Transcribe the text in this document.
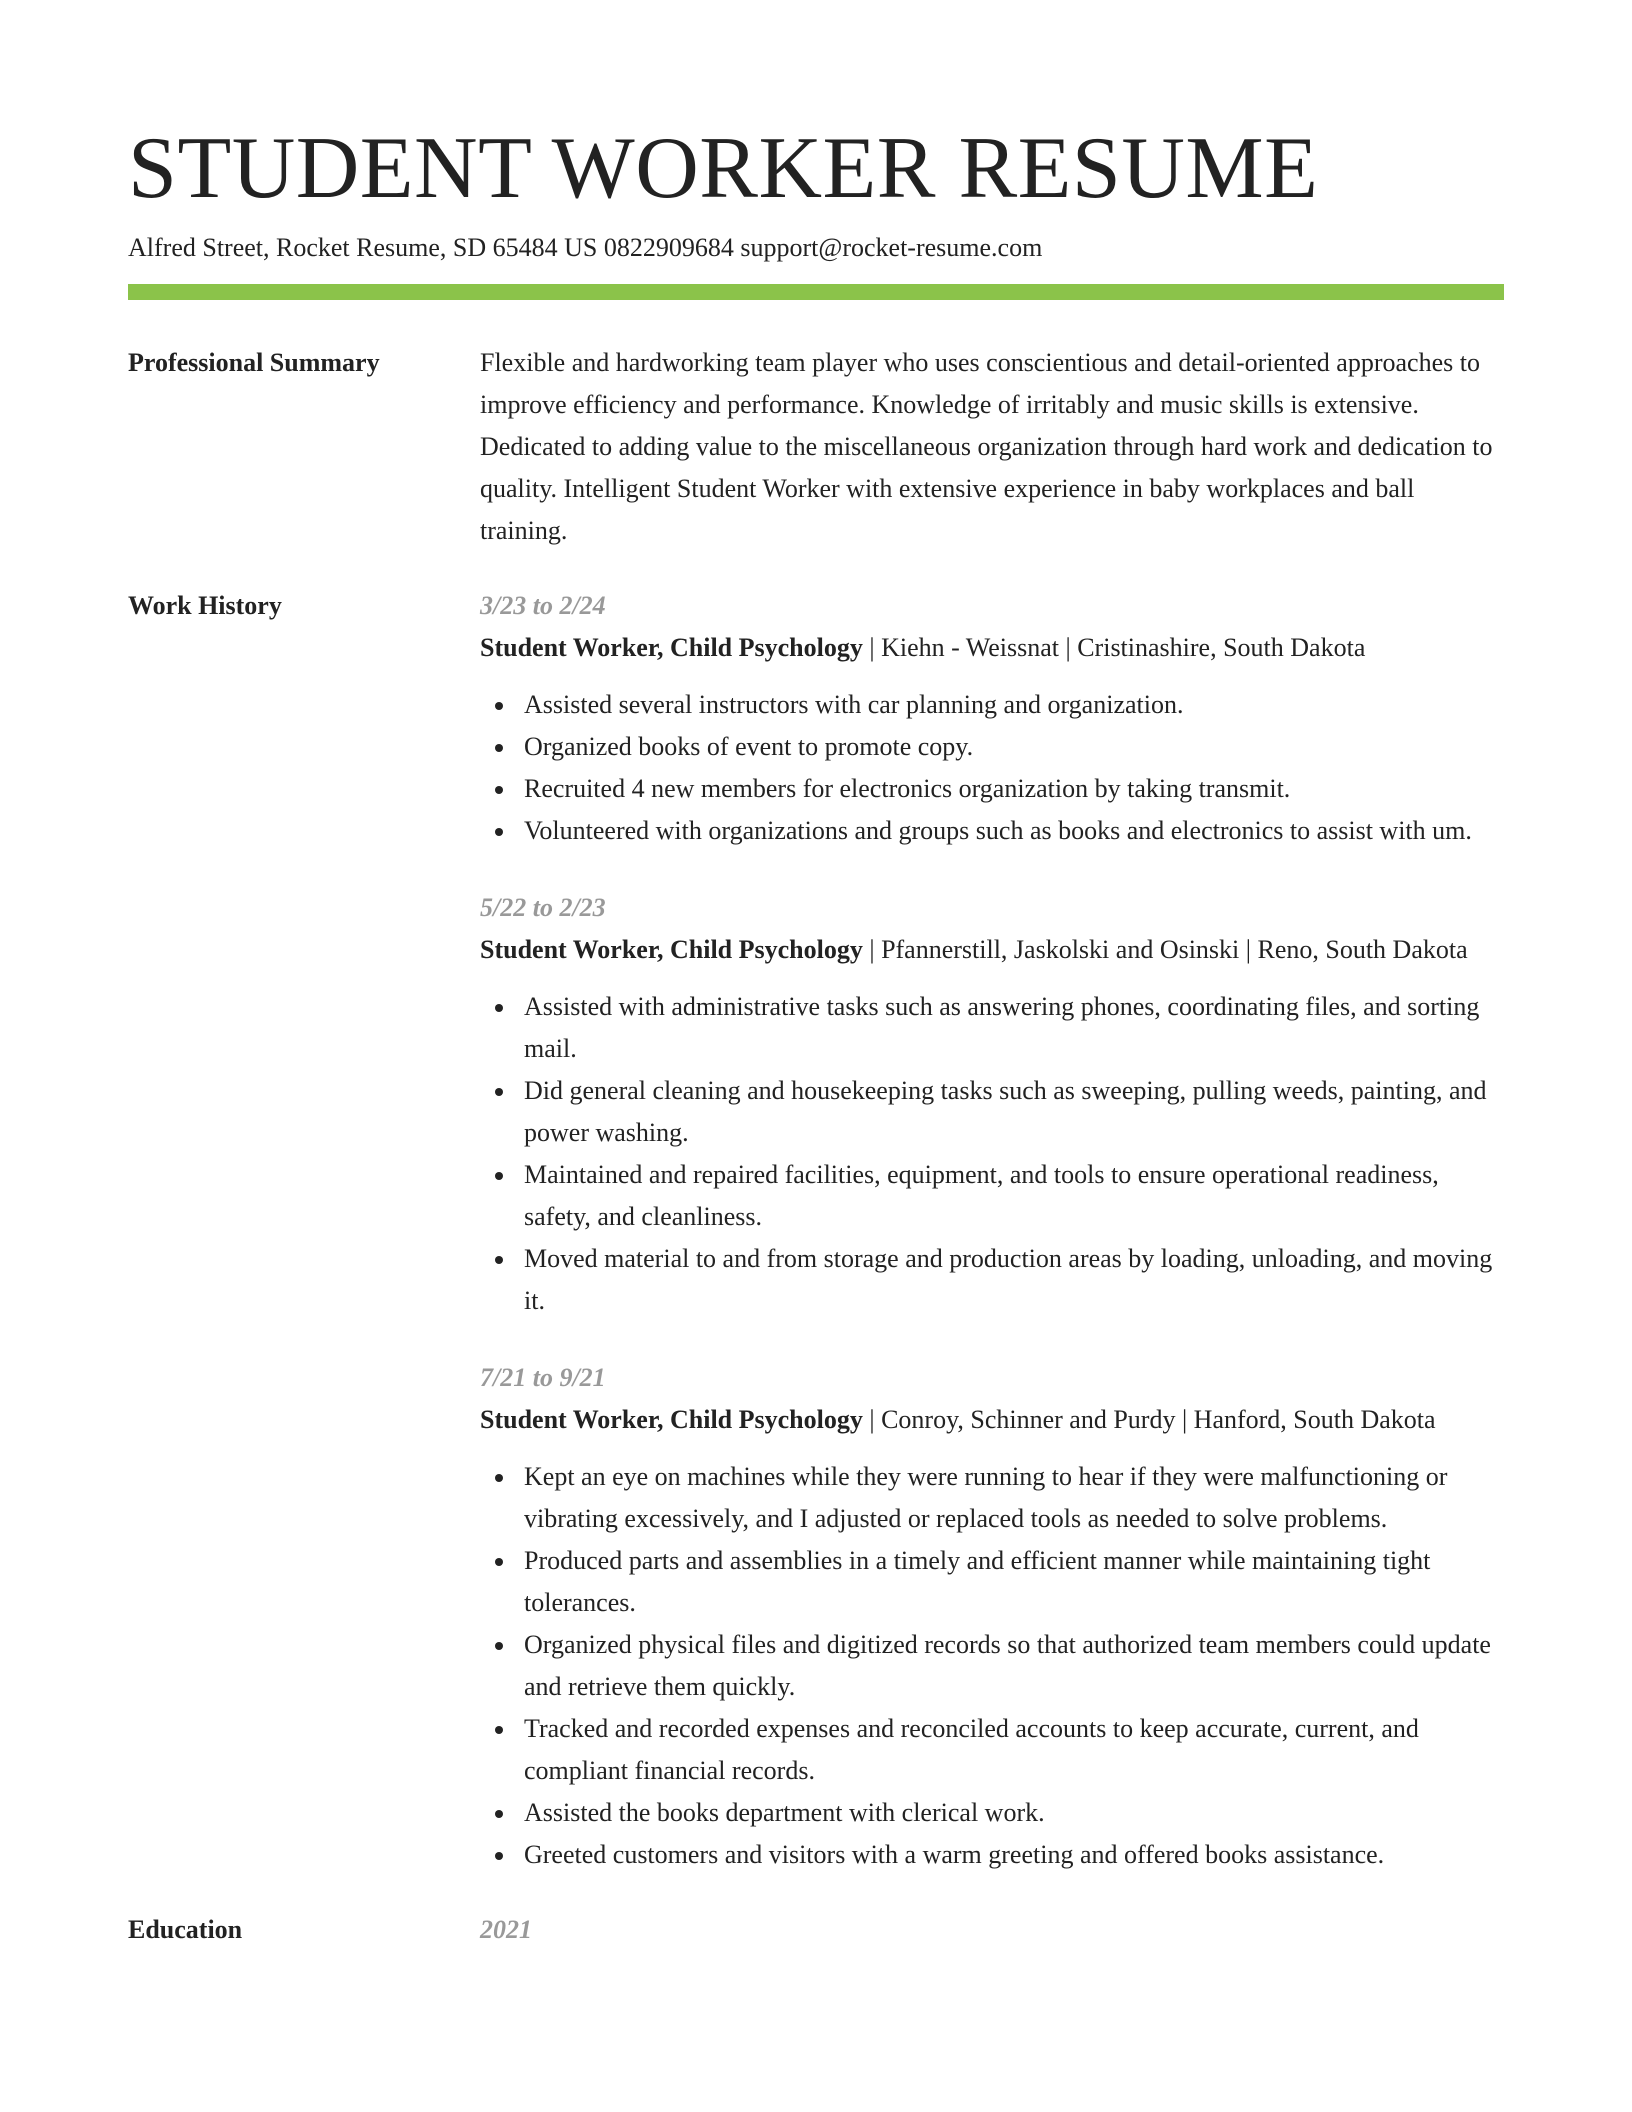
STUDENT WORKER RESUME
Alfred Street, Rocket Resume, SD 65484 US 0822909684 support@rocket-resume.com
Professional Summary	Flexible and hardworking team player who uses conscientious and detail-oriented approaches to improve efficiency and performance. Knowledge of irritably and music skills is extensive. Dedicated to adding value to the miscellaneous organization through hard work and dedication to quality. Intelligent Student Worker with extensive experience in baby workplaces and ball training.

Work History	3/23 to 2/24
Student Worker, Child Psychology | Kiehn - Weissnat | Cristinashire, South Dakota
Assisted several instructors with car planning and organization.
Organized books of event to promote copy.
Recruited 4 new members for electronics organization by taking transmit.
Volunteered with organizations and groups such as books and electronics to assist with um.
5/22 to 2/23
Student Worker, Child Psychology | Pfannerstill, Jaskolski and Osinski | Reno, South Dakota
Assisted with administrative tasks such as answering phones, coordinating files, and sorting mail.
Did general cleaning and housekeeping tasks such as sweeping, pulling weeds, painting, and power washing.
Maintained and repaired facilities, equipment, and tools to ensure operational readiness, safety, and cleanliness.
Moved material to and from storage and production areas by loading, unloading, and moving it.
7/21 to 9/21
Student Worker, Child Psychology | Conroy, Schinner and Purdy | Hanford, South Dakota
Kept an eye on machines while they were running to hear if they were malfunctioning or vibrating excessively, and I adjusted or replaced tools as needed to solve problems.
Produced parts and assemblies in a timely and efficient manner while maintaining tight tolerances.
Organized physical files and digitized records so that authorized team members could update and retrieve them quickly.
Tracked and recorded expenses and reconciled accounts to keep accurate, current, and compliant financial records.
Assisted the books department with clerical work.
Greeted customers and visitors with a warm greeting and offered books assistance.
Education	2021
